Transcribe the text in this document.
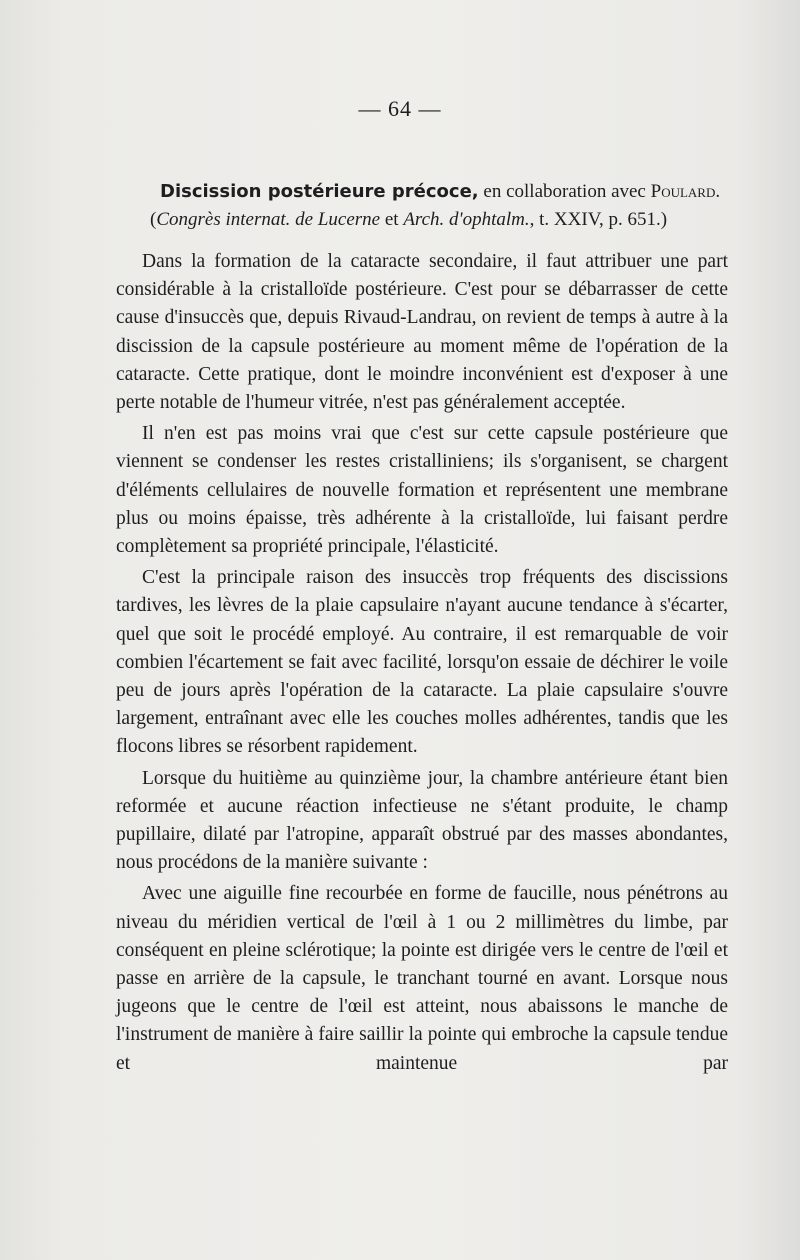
— 64 —
Discission postérieure précoce, en collaboration avec Poulard.
(Congrès internat. de Lucerne et Arch. d'ophtalm., t. XXIV, p. 651.)

Dans la formation de la cataracte secondaire, il faut attribuer une part considérable à la cristalloïde postérieure. C'est pour se débarrasser de cette cause d'insuccès que, depuis Rivaud-Landrau, on revient de temps à autre à la discission de la capsule postérieure au moment même de l'opération de la cataracte. Cette pratique, dont le moindre inconvénient est d'exposer à une perte notable de l'humeur vitrée, n'est pas généralement acceptée.

Il n'en est pas moins vrai que c'est sur cette capsule postérieure que viennent se condenser les restes cristalliniens; ils s'organisent, se chargent d'éléments cellulaires de nouvelle formation et représentent une membrane plus ou moins épaisse, très adhérente à la cristalloïde, lui faisant perdre complètement sa propriété principale, l'élasticité.

C'est la principale raison des insuccès trop fréquents des discissions tardives, les lèvres de la plaie capsulaire n'ayant aucune tendance à s'écarter, quel que soit le procédé employé. Au contraire, il est remarquable de voir combien l'écartement se fait avec facilité, lorsqu'on essaie de déchirer le voile peu de jours après l'opération de la cataracte. La plaie capsulaire s'ouvre largement, entraînant avec elle les couches molles adhérentes, tandis que les flocons libres se résorbent rapidement.

Lorsque du huitième au quinzième jour, la chambre antérieure étant bien reformée et aucune réaction infectieuse ne s'étant produite, le champ pupillaire, dilaté par l'atropine, apparaît obstrué par des masses abondantes, nous procédons de la manière suivante :

Avec une aiguille fine recourbée en forme de faucille, nous pénétrons au niveau du méridien vertical de l'œil à 1 ou 2 millimètres du limbe, par conséquent en pleine sclérotique; la pointe est dirigée vers le centre de l'œil et passe en arrière de la capsule, le tranchant tourné en avant. Lorsque nous jugeons que le centre de l'œil est atteint, nous abaissons le manche de l'instrument de manière à faire saillir la pointe qui embroche la capsule tendue et maintenue par
